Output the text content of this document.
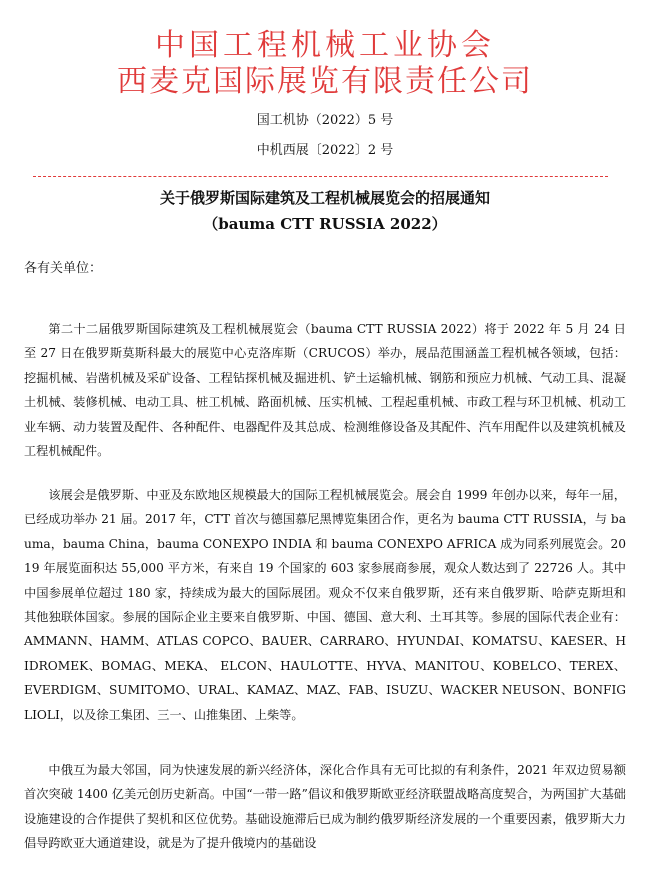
中国工程机械工业协会
西麦克国际展览有限责任公司
国工机协（2022）5 号
中机西展〔2022〕2 号
关于俄罗斯国际建筑及工程机械展览会的招展通知
（bauma CTT RUSSIA 2022）
各有关单位：

第二十二届俄罗斯国际建筑及工程机械展览会（bauma CTT RUSSIA 2022）将于 2022 年 5 月 24 日至 27 日在俄罗斯莫斯科最大的展览中心克洛库斯（CRUCOS）举办，展品范围涵盖工程机械各领域，包括：挖掘机械、岩凿机械及采矿设备、工程钻探机械及掘进机、铲土运输机械、钢筋和预应力机械、气动工具、混凝土机械、装修机械、电动工具、桩工机械、路面机械、压实机械、工程起重机械、市政工程与环卫机械、机动工业车辆、动力装置及配件、各种配件、电器配件及其总成、检测维修设备及其配件、汽车用配件以及建筑机械及工程机械配件。

该展会是俄罗斯、中亚及东欧地区规模最大的国际工程机械展览会。展会自 1999 年创办以来，每年一届，已经成功举办 21 届。2017 年，CTT 首次与德国慕尼黑博览集团合作，更名为 bauma CTT RUSSIA，与 bauma，bauma China，bauma CONEXPO INDIA 和 bauma CONEXPO AFRICA 成为同系列展览会。2019 年展览面积达 55,000 平方米，有来自 19 个国家的 603 家参展商参展，观众人数达到了 22726 人。其中中国参展单位超过 180 家，持续成为最大的国际展团。观众不仅来自俄罗斯，还有来自俄罗斯、哈萨克斯坦和其他独联体国家。参展的国际企业主要来自俄罗斯、中国、德国、意大利、土耳其等。参展的国际代表企业有：AMMANN、HAMM、ATLAS COPCO、BAUER、CARRARO、HYUNDAI、KOMATSU、KAESER、HIDROMEK、BOMAG、MEKA、 ELCON、HAULOTTE、HYVA、MANITOU、KOBELCO、TEREX、EVERDIGM、SUMITOMO、URAL、KAMAZ、MAZ、FAB、ISUZU、WACKER NEUSON、BONFIGLIOLI，以及徐工集团、三一、山推集团、上柴等。

中俄互为最大邻国，同为快速发展的新兴经济体，深化合作具有无可比拟的有利条件，2021 年双边贸易额首次突破 1400 亿美元创历史新高。中国“一带一路”倡议和俄罗斯欧亚经济联盟战略高度契合，为两国扩大基础设施建设的合作提供了契机和区位优势。基础设施滞后已成为制约俄罗斯经济发展的一个重要因素，俄罗斯大力倡导跨欧亚大通道建设，就是为了提升俄境内的基础设
